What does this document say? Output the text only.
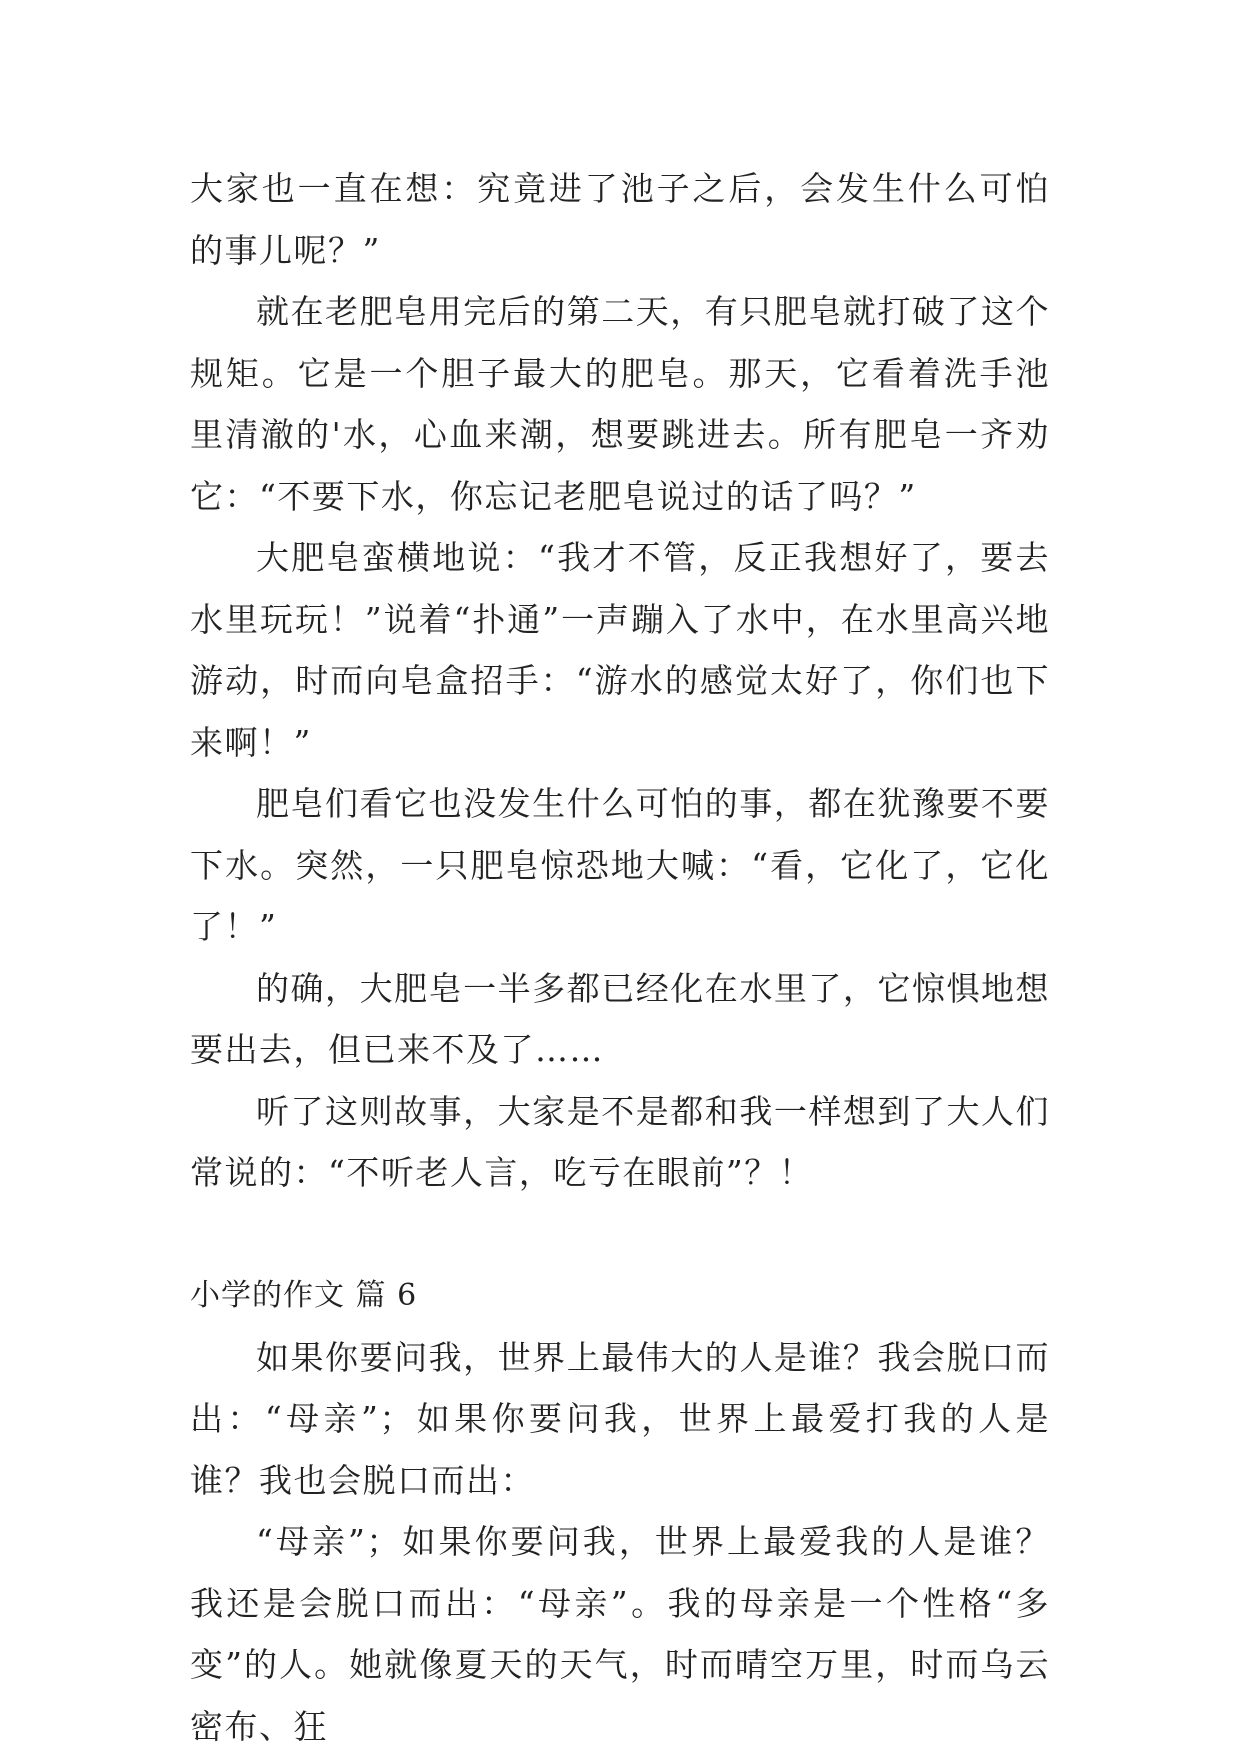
大家也一直在想：究竟进了池子之后，会发生什么可怕的事儿呢？”

就在老肥皂用完后的第二天，有只肥皂就打破了这个规矩。它是一个胆子最大的肥皂。那天，它看着洗手池里清澈的'水，心血来潮，想要跳进去。所有肥皂一齐劝它：“不要下水，你忘记老肥皂说过的话了吗？”

大肥皂蛮横地说：“我才不管，反正我想好了，要去水里玩玩！”说着“扑通”一声蹦入了水中，在水里高兴地游动，时而向皂盒招手：“游水的感觉太好了，你们也下来啊！”

肥皂们看它也没发生什么可怕的事，都在犹豫要不要下水。突然，一只肥皂惊恐地大喊：“看，它化了，它化了！”

的确，大肥皂一半多都已经化在水里了，它惊惧地想要出去，但已来不及了……

听了这则故事，大家是不是都和我一样想到了大人们常说的：“不听老人言，吃亏在眼前”？！

小学的作文 篇 6

如果你要问我，世界上最伟大的人是谁？我会脱口而出：“母亲”；如果你要问我，世界上最爱打我的人是谁？我也会脱口而出：

“母亲”；如果你要问我，世界上最爱我的人是谁？我还是会脱口而出：“母亲”。我的母亲是一个性格“多变”的人。她就像夏天的天气，时而晴空万里，时而乌云密布、狂
